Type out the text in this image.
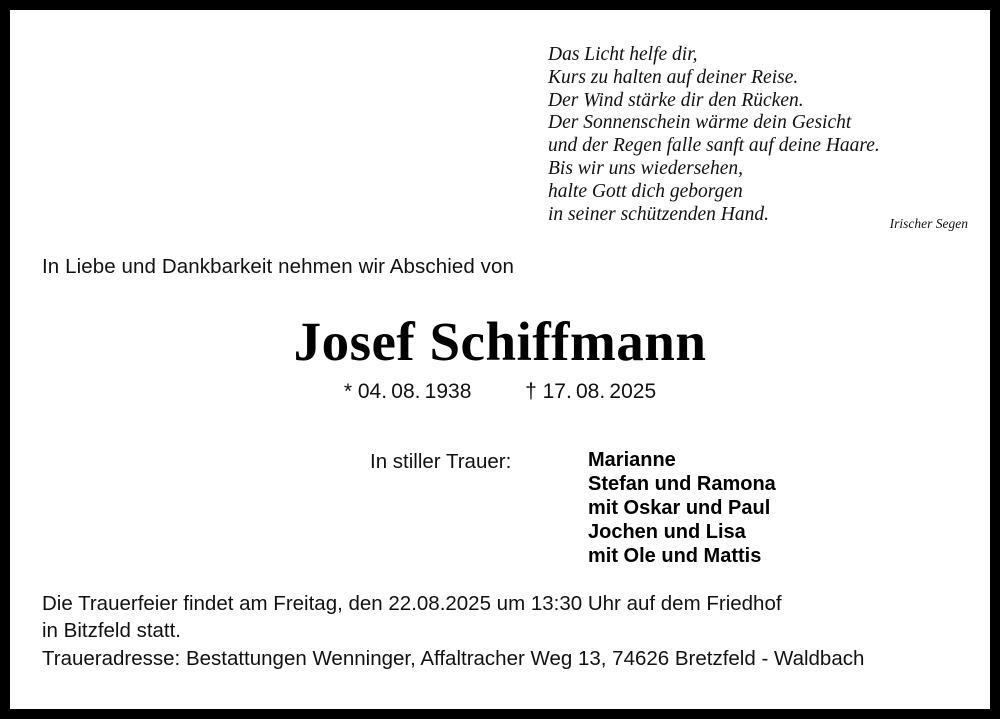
Das Licht helfe dir,
Kurs zu halten auf deiner Reise.
Der Wind stärke dir den Rücken.
Der Sonnenschein wärme dein Gesicht
und der Regen falle sanft auf deine Haare.
Bis wir uns wiedersehen,
halte Gott dich geborgen
in seiner schützenden Hand.	Irischer Segen
In Liebe und Dankbarkeit nehmen wir Abschied von
Josef Schiffmann
* 04. 08. 1938	† 17. 08. 2025
In stiller Trauer:	Marianne
Stefan und Ramona
mit Oskar und Paul
Jochen und Lisa
mit Ole und Mattis
Die Trauerfeier findet am Freitag, den 22.08.2025 um 13:30 Uhr auf dem Friedhof
in Bitzfeld statt.
Traueradresse: Bestattungen Wenninger, Affaltracher Weg 13, 74626 Bretzfeld - Waldbach
